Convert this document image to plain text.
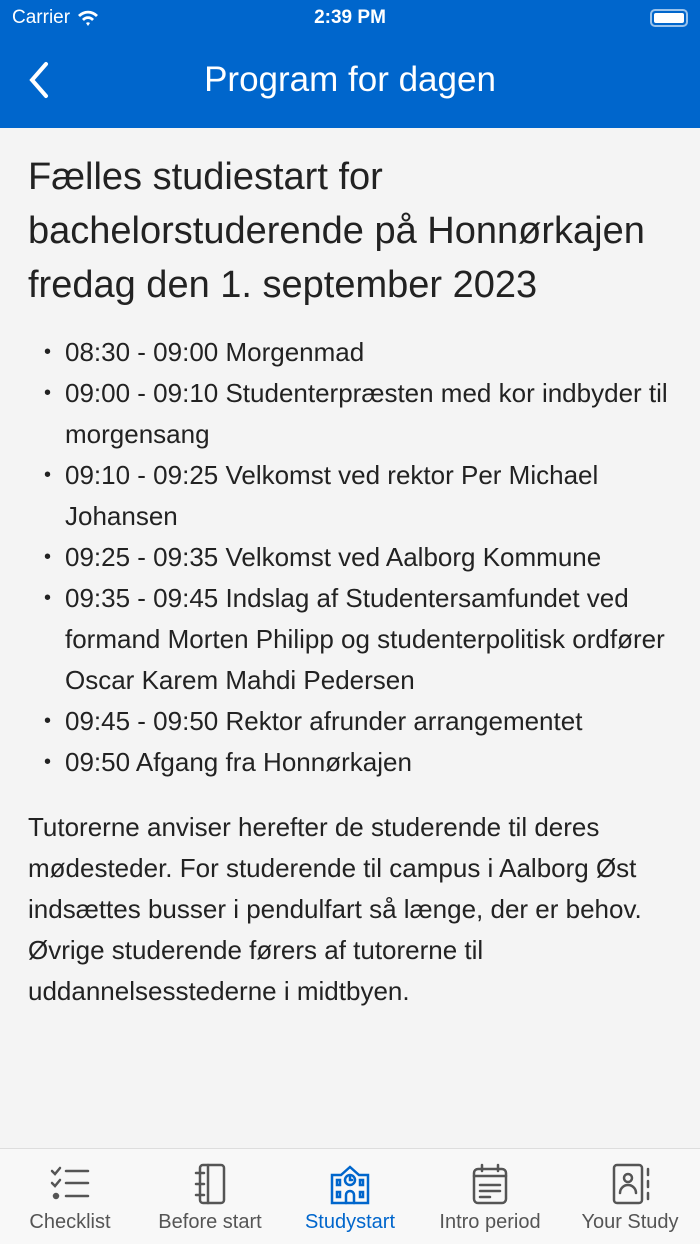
Carrier	2:39 PM
Program for dagen
Fælles studiestart for bachelorstuderende på Honnørkajen fredag den 1. september 2023
• 08:30 - 09:00 Morgenmad
• 09:00 - 09:10 Studenterpræsten med kor indbyder til morgensang
• 09:10 - 09:25 Velkomst ved rektor Per Michael Johansen
• 09:25 - 09:35 Velkomst ved Aalborg Kommune
• 09:35 - 09:45 Indslag af Studentersamfundet ved formand Morten Philipp og studenterpolitisk ordfører Oscar Karem Mahdi Pedersen
• 09:45 - 09:50 Rektor afrunder arrangementet
• 09:50 Afgang fra Honnørkajen

Tutorerne anviser herefter de studerende til deres mødesteder. For studerende til campus i Aalborg Øst indsættes busser i pendulfart så længe, der er behov. Øvrige studerende førers af tutorerne til uddannelsesstederne i midtbyen.

Checklist Before start Studystart Intro period Your Study
